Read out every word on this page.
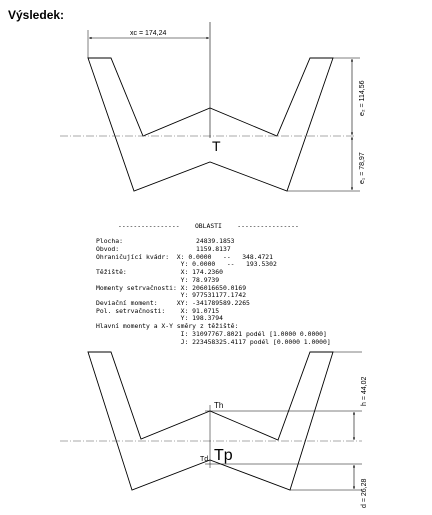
Výsledek:
xc = 174,24
e₂ = 114,56
e₁ = 78,97
T
----------------    OBLASTI    ----------------
Plocha:                   24839.1853
Obvod:                    1159.8137
Ohraničující kvádr:  X: 0.0000   --   348.4721
Y: 0.0000   --   193.5302
Těžiště:              X: 174.2360
Y: 78.9739
Momenty setrvačnosti: X: 206016650.0169
Y: 977531177.1742
Deviační moment:     XY: -341789589.2265
Pol. setrvačnosti:    X: 91.0715
Y: 198.3794
Hlavní momenty a X-Y směry z těžiště:
I: 31097767.8021 podél [1.0000 0.0000]
J: 223458325.4117 podél [0.0000 1.0000]
h = 44,02
d = 26,28
Th
Td Tp
